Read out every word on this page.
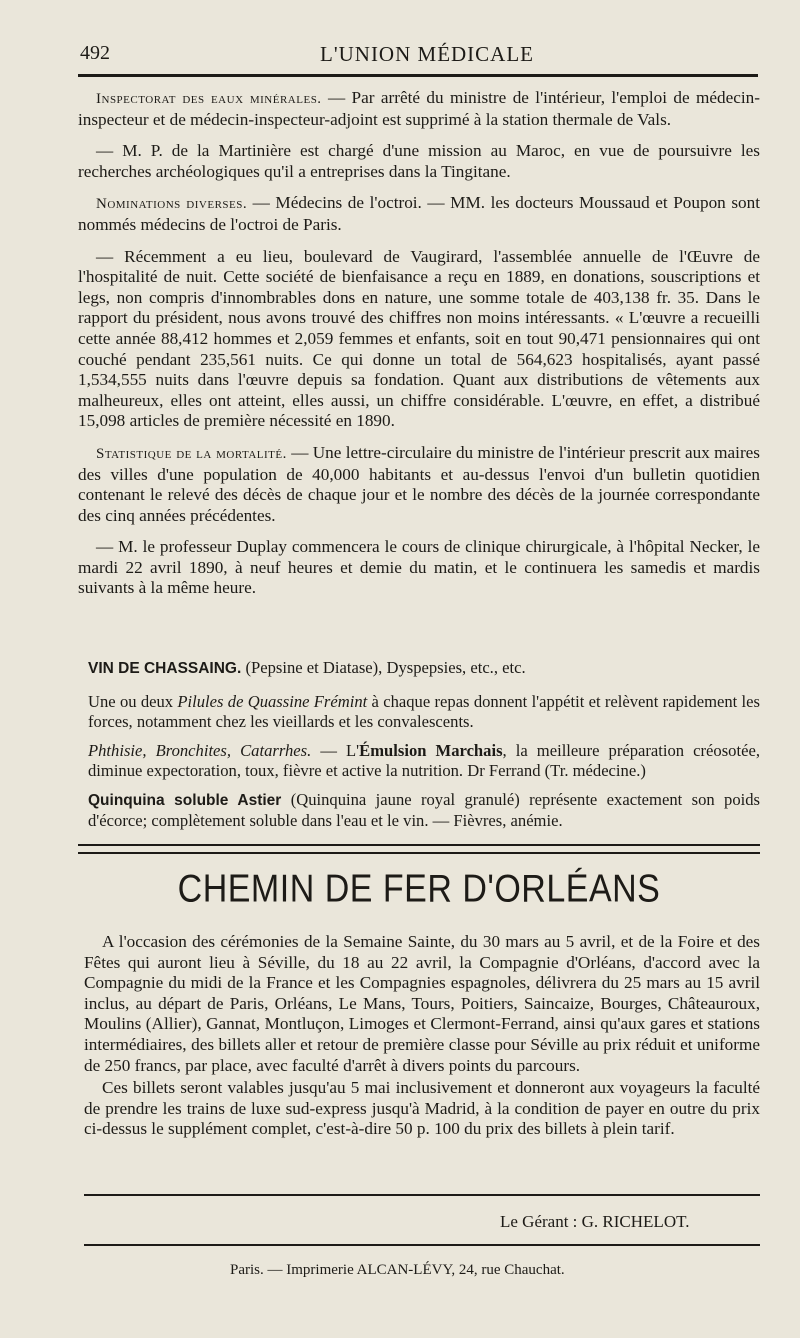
492	L'UNION MÉDICALE

Inspectorat des eaux minérales. — Par arrêté du ministre de l'intérieur, l'emploi de médecin-inspecteur et de médecin-inspecteur-adjoint est supprimé à la station thermale de Vals.

— M. P. de la Martinière est chargé d'une mission au Maroc, en vue de poursuivre les recherches archéologiques qu'il a entreprises dans la Tingitane.

Nominations diverses. — Médecins de l'octroi. — MM. les docteurs Moussaud et Poupon sont nommés médecins de l'octroi de Paris.

— Récemment a eu lieu, boulevard de Vaugirard, l'assemblée annuelle de l'Œuvre de l'hospitalité de nuit. Cette société de bienfaisance a reçu en 1889, en donations, souscriptions et legs, non compris d'innombrables dons en nature, une somme totale de 403,138 fr. 35. Dans le rapport du président, nous avons trouvé des chiffres non moins intéressants. « L'œuvre a recueilli cette année 88,412 hommes et 2,059 femmes et enfants, soit en tout 90,471 pensionnaires qui ont couché pendant 235,561 nuits. Ce qui donne un total de 564,623 hospitalisés, ayant passé 1,534,555 nuits dans l'œuvre depuis sa fondation. Quant aux distributions de vêtements aux malheureux, elles ont atteint, elles aussi, un chiffre considérable. L'œuvre, en effet, a distribué 15,098 articles de première nécessité en 1890.

Statistique de la mortalité. — Une lettre-circulaire du ministre de l'intérieur prescrit aux maires des villes d'une population de 40,000 habitants et au-dessus l'envoi d'un bulletin quotidien contenant le relevé des décès de chaque jour et le nombre des décès de la journée correspondante des cinq années précédentes.

— M. le professeur Duplay commencera le cours de clinique chirurgicale, à l'hôpital Necker, le mardi 22 avril 1890, à neuf heures et demie du matin, et le continuera les samedis et mardis suivants à la même heure.

VIN DE CHASSAING. (Pepsine et Diatase), Dyspepsies, etc., etc.

Une ou deux Pilules de Quassine Frémint à chaque repas donnent l'appétit et relèvent rapidement les forces, notamment chez les vieillards et les convalescents.

Phthisie, Bronchites, Catarrhes. — L'Émulsion Marchais, la meilleure préparation créosotée, diminue expectoration, toux, fièvre et active la nutrition. Dr Ferrand (Tr. médecine.)

Quinquina soluble Astier (Quinquina jaune royal granulé) représente exactement son poids d'écorce; complètement soluble dans l'eau et le vin. — Fièvres, anémie.

CHEMIN DE FER D'ORLÉANS

A l'occasion des cérémonies de la Semaine Sainte, du 30 mars au 5 avril, et de la Foire et des Fêtes qui auront lieu à Séville, du 18 au 22 avril, la Compagnie d'Orléans, d'accord avec la Compagnie du midi de la France et les Compagnies espagnoles, délivrera du 25 mars au 15 avril inclus, au départ de Paris, Orléans, Le Mans, Tours, Poitiers, Saincaize, Bourges, Châteauroux, Moulins (Allier), Gannat, Montluçon, Limoges et Clermont-Ferrand, ainsi qu'aux gares et stations intermédiaires, des billets aller et retour de première classe pour Séville au prix réduit et uniforme de 250 francs, par place, avec faculté d'arrêt à divers points du parcours.

Ces billets seront valables jusqu'au 5 mai inclusivement et donneront aux voyageurs la faculté de prendre les trains de luxe sud-express jusqu'à Madrid, à la condition de payer en outre du prix ci-dessus le supplément complet, c'est-à-dire 50 p. 100 du prix des billets à plein tarif.

Le Gérant : G. RICHELOT.
Paris. — Imprimerie ALCAN-LÉVY, 24, rue Chauchat.
